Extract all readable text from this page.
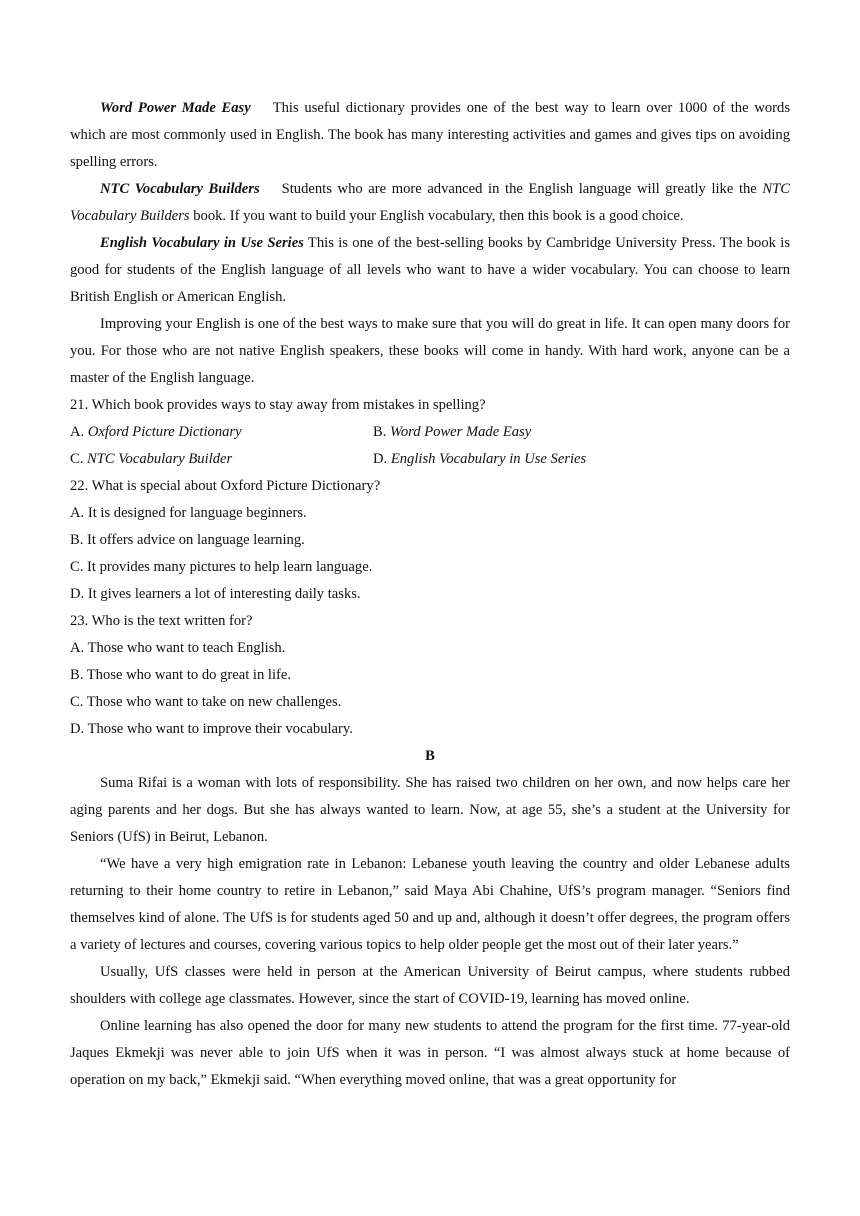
Word Power Made Easy This useful dictionary provides one of the best way to learn over 1000 of the words which are most commonly used in English. The book has many interesting activities and games and gives tips on avoiding spelling errors.

NTC Vocabulary Builders Students who are more advanced in the English language will greatly like the NTC Vocabulary Builders book. If you want to build your English vocabulary, then this book is a good choice.

English Vocabulary in Use Series This is one of the best-selling books by Cambridge University Press. The book is good for students of the English language of all levels who want to have a wider vocabulary. You can choose to learn British English or American English.

Improving your English is one of the best ways to make sure that you will do great in life. It can open many doors for you. For those who are not native English speakers, these books will come in handy. With hard work, anyone can be a master of the English language.

21. Which book provides ways to stay away from mistakes in spelling?
A. Oxford Picture Dictionary	B. Word Power Made Easy
C. NTC Vocabulary Builder	D. English Vocabulary in Use Series
22. What is special about Oxford Picture Dictionary?
A. It is designed for language beginners.
B. It offers advice on language learning.
C. It provides many pictures to help learn language.
D. It gives learners a lot of interesting daily tasks.
23. Who is the text written for?
A. Those who want to teach English.
B. Those who want to do great in life.
C. Those who want to take on new challenges.
D. Those who want to improve their vocabulary.
B

Suma Rifai is a woman with lots of responsibility. She has raised two children on her own, and now helps care her aging parents and her dogs. But she has always wanted to learn. Now, at age 55, she’s a student at the University for Seniors (UfS) in Beirut, Lebanon.

“We have a very high emigration rate in Lebanon: Lebanese youth leaving the country and older Lebanese adults returning to their home country to retire in Lebanon,” said Maya Abi Chahine, UfS’s program manager. “Seniors find themselves kind of alone. The UfS is for students aged 50 and up and, although it doesn’t offer degrees, the program offers a variety of lectures and courses, covering various topics to help older people get the most out of their later years.”

Usually, UfS classes were held in person at the American University of Beirut campus, where students rubbed shoulders with college age classmates. However, since the start of COVID-19, learning has moved online.

Online learning has also opened the door for many new students to attend the program for the first time. 77-year-old Jaques Ekmekji was never able to join UfS when it was in person. “I was almost always stuck at home because of operation on my back,” Ekmekji said. “When everything moved online, that was a great opportunity for
